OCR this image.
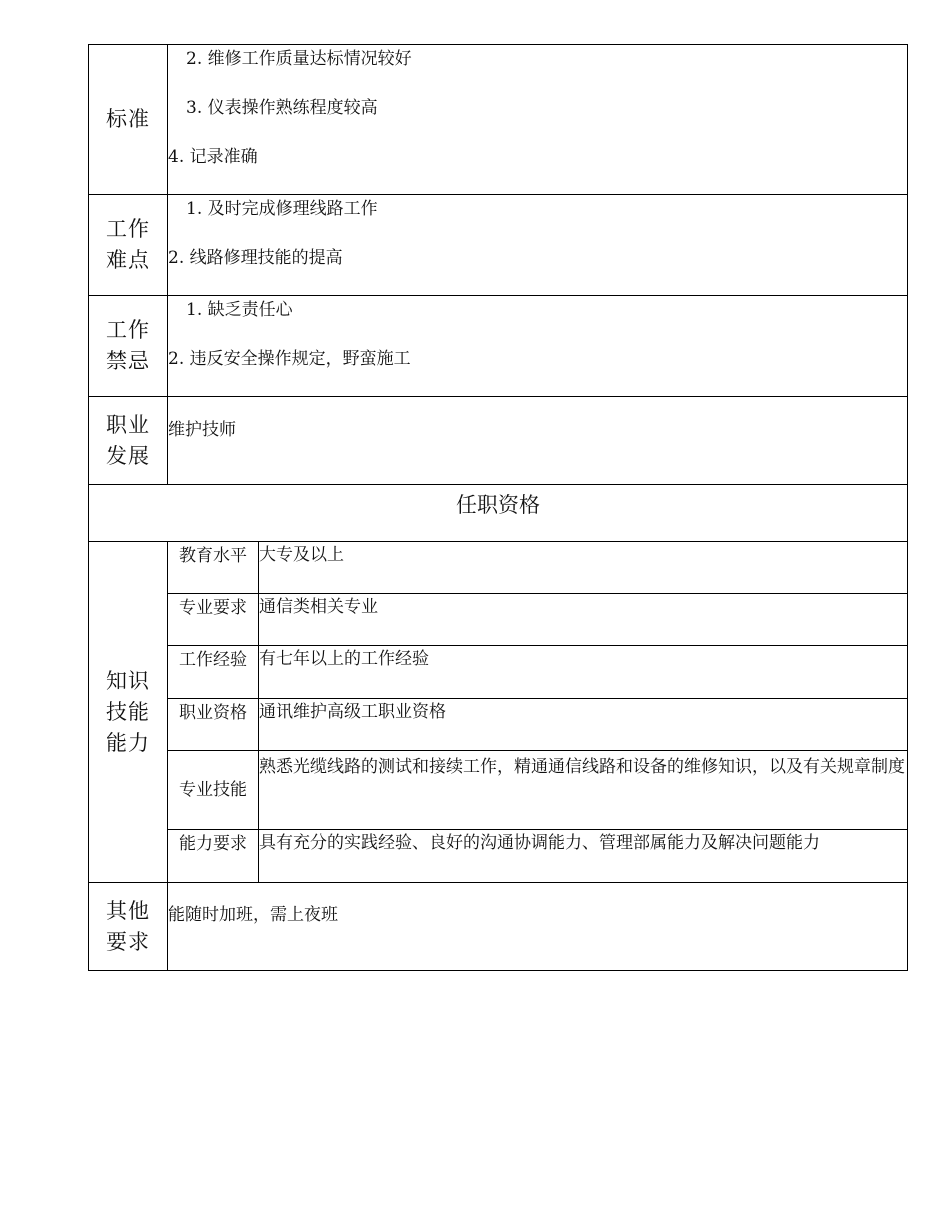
标准	2. 维修工作质量达标情况较好
3. 仪表操作熟练程度较高
4. 记录准确	

工作
难点	1. 及时完成修理线路工作
2. 线路修理技能的提高	

工作
禁忌	1. 缺乏责任心
2. 违反安全操作规定，野蛮施工	

职业
发展	维护技师	

任职资格		

知识
技能
能力	教育水平	大专及以上
	专业要求	通信类相关专业
	工作经验	有七年以上的工作经验
	职业资格	通讯维护高级工职业资格
	专业技能	熟悉光缆线路的测试和接续工作，精通通信线路和设备的维修知识，以及有关规章制度
	能力要求	具有充分的实践经验、良好的沟通协调能力、管理部属能力及解决问题能力

其他
要求	能随时加班，需上夜班	
